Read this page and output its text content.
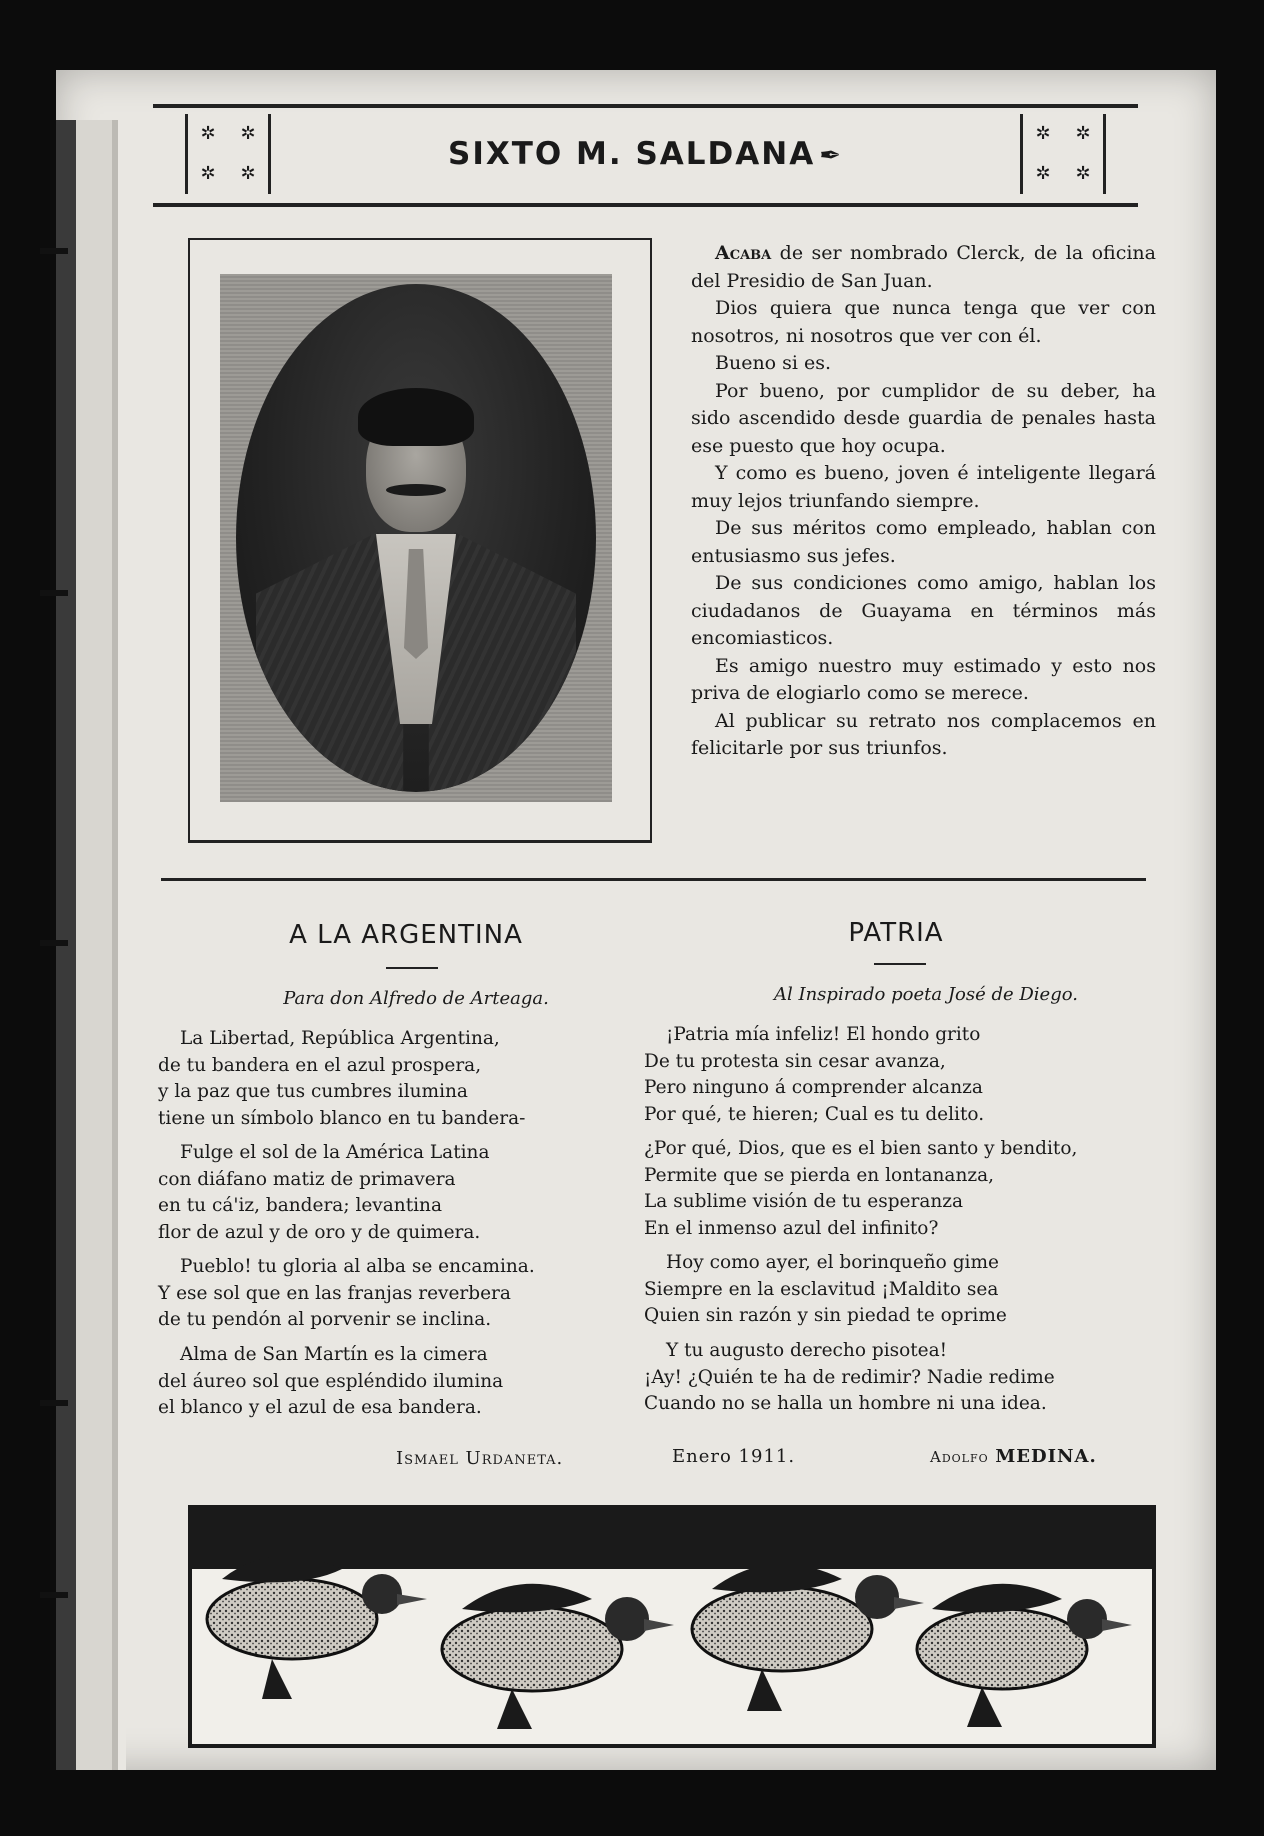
✲ ✲
✲ ✲
SIXTO M. SALDANA ✒
✲ ✲
✲ ✲

Acaba de ser nombrado Clerck, de la oficina del Presidio de San Juan.

Dios quiera que nunca tenga que ver con nosotros, ni nosotros que ver con él.

Bueno si es.

Por bueno, por cumplidor de su deber, ha sido ascendido desde guardia de penales hasta ese puesto que hoy ocupa.

Y como es bueno, joven é inteligente llegará muy lejos triunfando siempre.

De sus méritos como empleado, hablan con entusiasmo sus jefes.

De sus condiciones como amigo, hablan los ciudadanos de Guayama en términos más encomiasticos.

Es amigo nuestro muy estimado y esto nos priva de elogiarlo como se merece.

Al publicar su retrato nos complacemos en felicitarle por sus triunfos.

A LA ARGENTINA
Para don Alfredo de Arteaga.
La Libertad, República Argentina,
de tu bandera en el azul prospera,
y la paz que tus cumbres ilumina
tiene un símbolo blanco en tu bandera-
Fulge el sol de la América Latina
con diáfano matiz de primavera
en tu cá'iz, bandera; levantina
flor de azul y de oro y de quimera.
Pueblo! tu gloria al alba se encamina.
Y ese sol que en las franjas reverbera
de tu pendón al porvenir se inclina.
Alma de San Martín es la cimera
del áureo sol que espléndido ilumina
el blanco y el azul de esa bandera.
Ismael Urdaneta.
PATRIA
Al Inspirado poeta José de Diego.
¡Patria mía infeliz! El hondo grito
De tu protesta sin cesar avanza,
Pero ninguno á comprender alcanza
Por qué, te hieren; Cual es tu delito.
¿Por qué, Dios, que es el bien santo y bendito,
Permite que se pierda en lontananza,
La sublime visión de tu esperanza
En el inmenso azul del infinito?
Hoy como ayer, el borinqueño gime
Siempre en la esclavitud ¡Maldito sea
Quien sin razón y sin piedad te oprime
Y tu augusto derecho pisotea!
¡Ay! ¿Quién te ha de redimir? Nadie redime
Cuando no se halla un hombre ni una idea.
Enero 1911.	Adolfo MEDINA.
